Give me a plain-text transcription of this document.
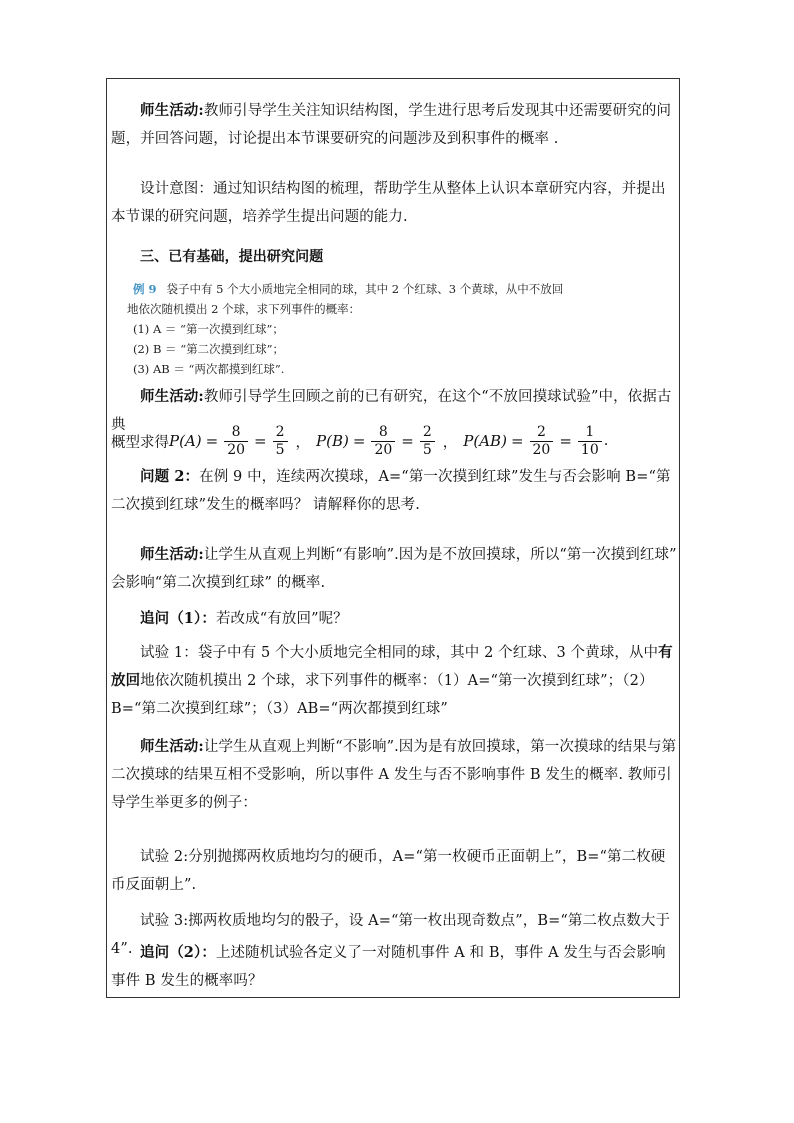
师生活动:教师引导学生关注知识结构图，学生进行思考后发现其中还需要研究的问题，并回答问题，讨论提出本节课要研究的问题涉及到积事件的概率 .
设计意图：通过知识结构图的梳理，帮助学生从整体上认识本章研究内容，并提出本节课的研究问题，培养学生提出问题的能力.
三、已有基础，提出研究问题
例 9 袋子中有 5 个大小质地完全相同的球，其中 2 个红球、3 个黄球，从中不放回
地依次随机摸出 2 个球，求下列事件的概率：
(1) A ＝ “第一次摸到红球”；
(2) B ＝ “第二次摸到红球”；
(3) AB ＝ “两次都摸到红球”.
师生活动:教师引导学生回顾之前的已有研究，在这个“不放回摸球试验”中，依据古典
概型求得 $P(A) = \frac{8}{20} = \frac{2}{5}$ ， $P(B) = \frac{8}{20} = \frac{2}{5}$ ， $P(AB) = \frac{2}{20} = \frac{1}{10}$ .
问题 2：在例 9 中，连续两次摸球，A=“第一次摸到红球”发生与否会影响 B=“第二次摸到红球”发生的概率吗？ 请解释你的思考.
师生活动:让学生从直观上判断“有影响”.因为是不放回摸球，所以“第一次摸到红球” 会影响“第二次摸到红球” 的概率.
追问（1）：若改成“有放回”呢？
试验 1：袋子中有 5 个大小质地完全相同的球，其中 2 个红球、3 个黄球，从中有放回地依次随机摸出 2 个球，求下列事件的概率：（1）A=“第一次摸到红球”；（2）B=“第二次摸到红球”；（3）AB=“两次都摸到红球”
师生活动:让学生从直观上判断“不影响”.因为是有放回摸球，第一次摸球的结果与第二次摸球的结果互相不受影响，所以事件 A 发生与否不影响事件 B 发生的概率. 教师引导学生举更多的例子：
试验 2:分别抛掷两枚质地均匀的硬币，A=“第一枚硬币正面朝上”，B=“第二枚硬币反面朝上”.
试验 3:掷两枚质地均匀的骰子，设 A=“第一枚出现奇数点”，B=“第二枚点数大于 4”. 追问（2）：上述随机试验各定义了一对随机事件 A 和 B，事件 A 发生与否会影响事件 B 发生的概率吗？
